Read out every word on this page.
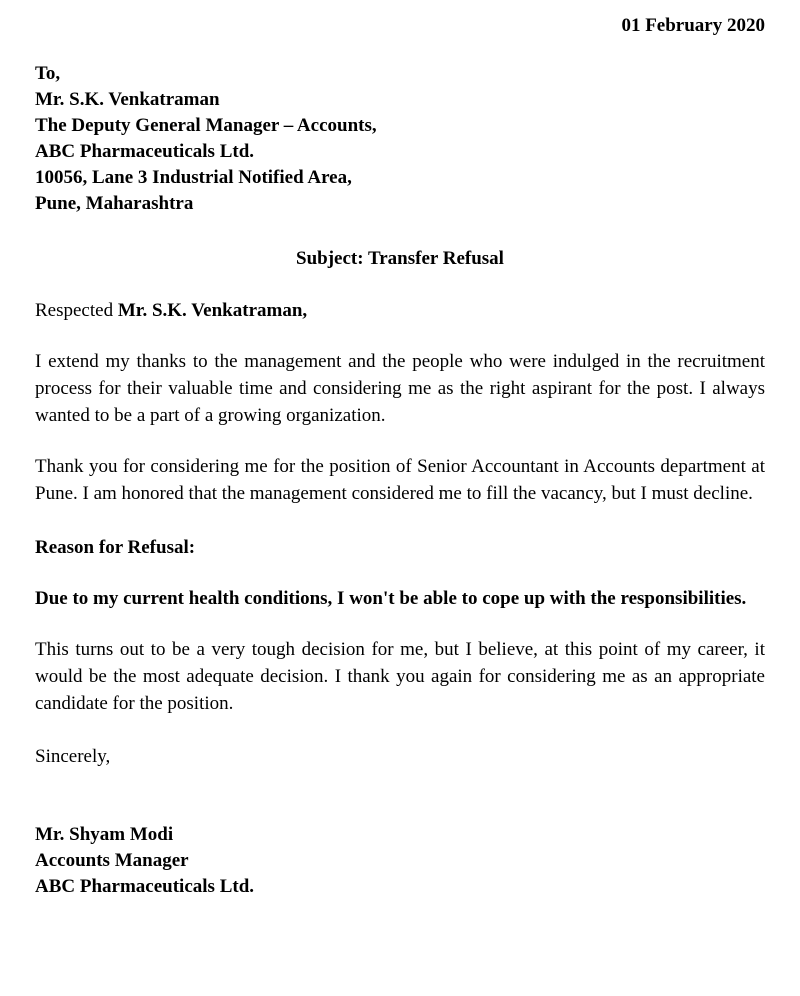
01 February 2020
To,
Mr. S.K. Venkatraman
The Deputy General Manager – Accounts,
ABC Pharmaceuticals Ltd.
10056, Lane 3 Industrial Notified Area,
Pune, Maharashtra
Subject: Transfer Refusal
Respected Mr. S.K. Venkatraman,

I extend my thanks to the management and the people who were indulged in the recruitment process for their valuable time and considering me as the right aspirant for the post. I always wanted to be a part of a growing organization.

Thank you for considering me for the position of Senior Accountant in Accounts department at Pune. I am honored that the management considered me to fill the vacancy, but I must decline.

Reason for Refusal:

Due to my current health conditions, I won't be able to cope up with the responsibilities.

This turns out to be a very tough decision for me, but I believe, at this point of my career, it would be the most adequate decision. I thank you again for considering me as an appropriate candidate for the position.

Sincerely,
Mr. Shyam Modi
Accounts Manager
ABC Pharmaceuticals Ltd.
